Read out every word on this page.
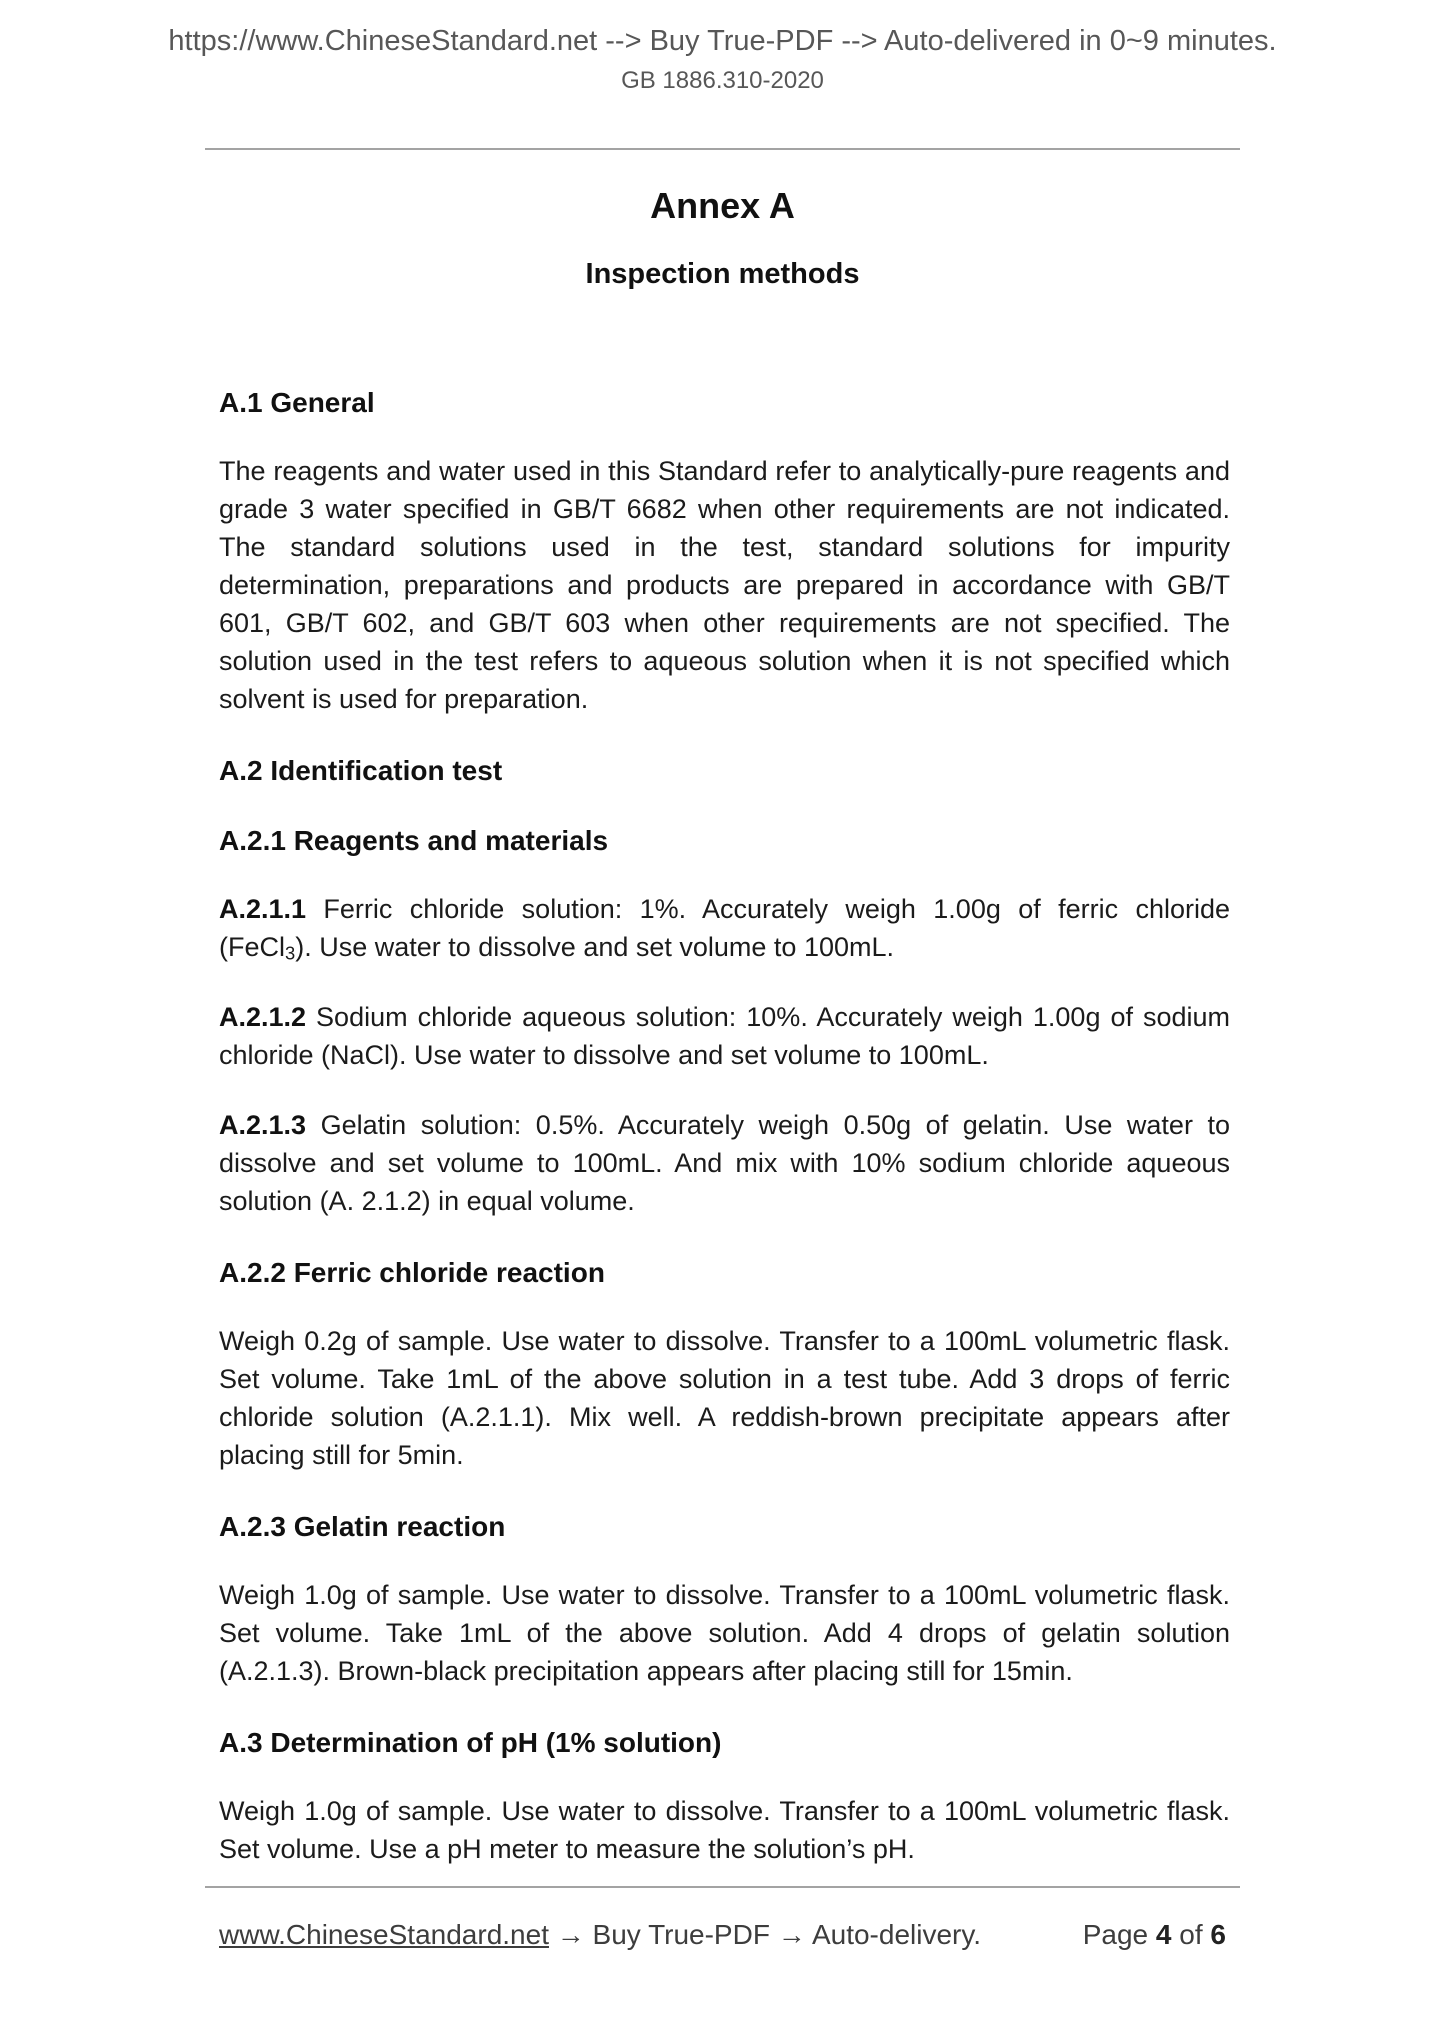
https://www.ChineseStandard.net --> Buy True-PDF --> Auto-delivered in 0~9 minutes.
GB 1886.310-2020
Annex A
Inspection methods
A.1 General

The reagents and water used in this Standard refer to analytically-pure reagents and grade 3 water specified in GB/T 6682 when other requirements are not indicated. The standard solutions used in the test, standard solutions for impurity determination, preparations and products are prepared in accordance with GB/T 601, GB/T 602, and GB/T 603 when other requirements are not specified. The solution used in the test refers to aqueous solution when it is not specified which solvent is used for preparation.

A.2 Identification test
A.2.1 Reagents and materials

A.2.1.1 Ferric chloride solution: 1%. Accurately weigh 1.00g of ferric chloride (FeCl$_3$). Use water to dissolve and set volume to 100mL.

A.2.1.2 Sodium chloride aqueous solution: 10%. Accurately weigh 1.00g of sodium chloride (NaCl). Use water to dissolve and set volume to 100mL.

A.2.1.3 Gelatin solution: 0.5%. Accurately weigh 0.50g of gelatin. Use water to dissolve and set volume to 100mL. And mix with 10% sodium chloride aqueous solution (A. 2.1.2) in equal volume.

A.2.2 Ferric chloride reaction

Weigh 0.2g of sample. Use water to dissolve. Transfer to a 100mL volumetric flask. Set volume. Take 1mL of the above solution in a test tube. Add 3 drops of ferric chloride solution (A.2.1.1). Mix well. A reddish-brown precipitate appears after placing still for 5min.

A.2.3 Gelatin reaction

Weigh 1.0g of sample. Use water to dissolve. Transfer to a 100mL volumetric flask. Set volume. Take 1mL of the above solution. Add 4 drops of gelatin solution (A.2.1.3). Brown-black precipitation appears after placing still for 15min.

A.3 Determination of pH (1% solution)

Weigh 1.0g of sample. Use water to dissolve. Transfer to a 100mL volumetric flask. Set volume. Use a pH meter to measure the solution’s pH.

www.ChineseStandard.net → Buy True-PDF → Auto-delivery.	Page 4 of 6
